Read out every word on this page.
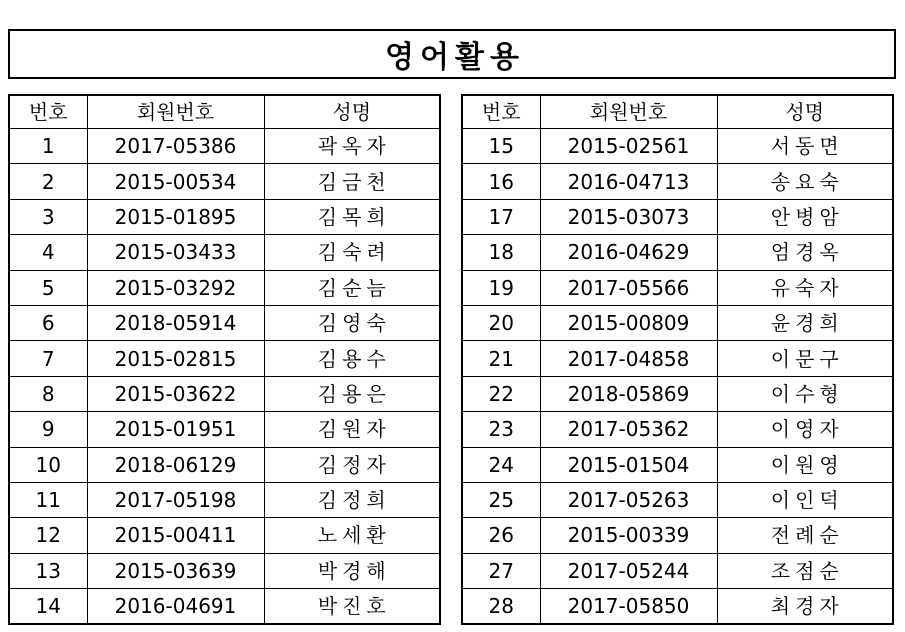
영어활용
번호	회원번호	성명
1	2017-05386	곽옥자
2	2015-00534	김금천
3	2015-01895	김목희
4	2015-03433	김숙려
5	2015-03292	김순늠
6	2018-05914	김영숙
7	2015-02815	김용수
8	2015-03622	김용은
9	2015-01951	김원자
10	2018-06129	김정자
11	2017-05198	김정희
12	2015-00411	노세환
13	2015-03639	박경해
14	2016-04691	박진호
번호	회원번호	성명
15	2015-02561	서동면
16	2016-04713	송요숙
17	2015-03073	안병암
18	2016-04629	엄경옥
19	2017-05566	유숙자
20	2015-00809	윤경희
21	2017-04858	이문구
22	2018-05869	이수형
23	2017-05362	이영자
24	2015-01504	이원영
25	2017-05263	이인덕
26	2015-00339	전례순
27	2017-05244	조점순
28	2017-05850	최경자
